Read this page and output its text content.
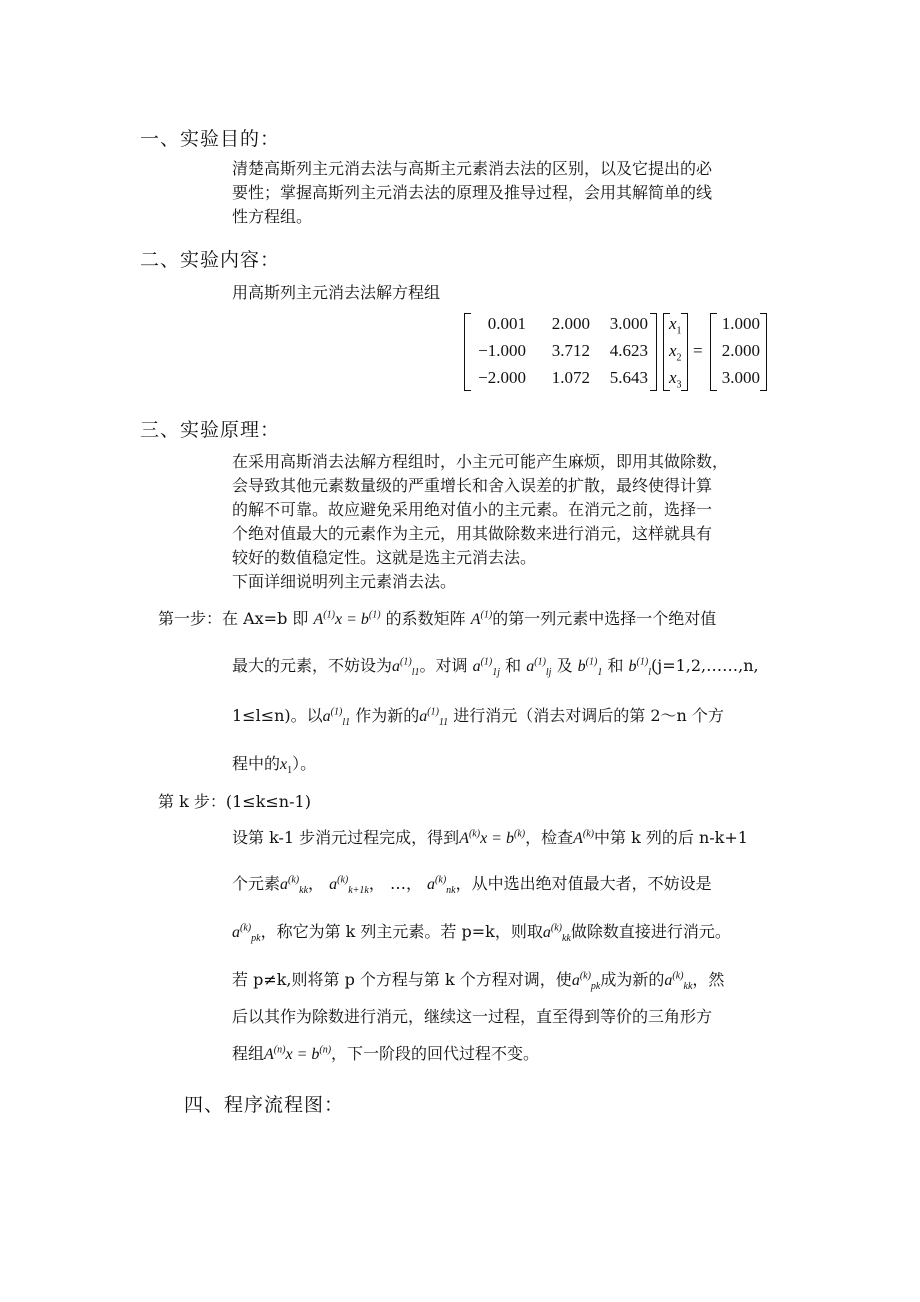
一、实验目的：
清楚高斯列主元消去法与高斯主元素消去法的区别，以及它提出的必
要性；掌握高斯列主元消去法的原理及推导过程，会用其解简单的线
性方程组。
二、实验内容：
用高斯列主元消去法解方程组
0.001	2.000	3.000
−1.000	3.712	4.623
−2.000	1.072	5.643
$x_1$
$x_2$
$x_3$
=
1.000
2.000
3.000
三、实验原理：
在采用高斯消去法解方程组时，小主元可能产生麻烦，即用其做除数，
会导致其他元素数量级的严重增长和舍入误差的扩散，最终使得计算
的解不可靠。故应避免采用绝对值小的主元素。在消元之前，选择一
个绝对值最大的元素作为主元，用其做除数来进行消元，这样就具有
较好的数值稳定性。这就是选主元消去法。
下面详细说明列主元素消去法。
第一步：在 Ax=b 即 $A^{(1)}x = b^{(1)}$ 的系数矩阵 $A^{(1)}$的第一列元素中选择一个绝对值
最大的元素，不妨设为$a^{(1)}_{l1}$。对调 $a^{(1)}_{1j}$ 和 $a^{(1)}_{lj}$ 及 $b^{(1)}_1$ 和 $b^{(1)}_l(j=1,2,\dots\dots,n$,
1≤l≤n)。以$a^{(1)}_{l1}$ 作为新的$a^{(1)}_{11}$ 进行消元（消去对调后的第 2～n 个方
程中的$x_1$）。
第 k 步：(1≤k≤n-1)
设第 k-1 步消元过程完成，得到$A^{(k)}x = b^{(k)}$，检查$A^{(k)}$中第 k 列的后 n-k+1
个元素$a^{(k)}_{kk}$， $a^{(k)}_{k+1k}$， …， $a^{(k)}_{nk}$，从中选出绝对值最大者，不妨设是
$a^{(k)}_{pk}$，称它为第 k 列主元素。若 p=k，则取$a^{(k)}_{kk}$做除数直接进行消元。
若 p≠k,则将第 p 个方程与第 k 个方程对调，使$a^{(k)}_{pk}$成为新的$a^{(k)}_{kk}$，然
后以其作为除数进行消元，继续这一过程，直至得到等价的三角形方
程组$A^{(n)}x = b^{(n)}$，下一阶段的回代过程不变。
四、程序流程图：
